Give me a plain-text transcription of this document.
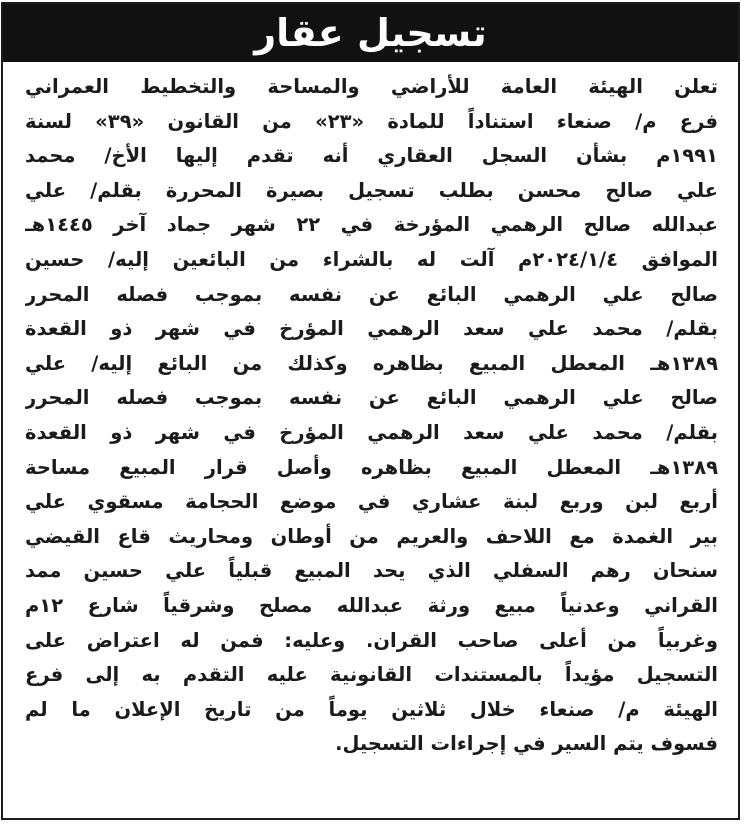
تسجيل عقار
تعلن الهيئة العامة للأراضي والمساحة والتخطيط العمراني
فرع م/ صنعاء استناداً للمادة «٢٣» من القانون «٣٩» لسنة
١٩٩١م بشأن السجل العقاري أنه تقدم إليها الأخ/ محمد
علي صالح محسن بطلب تسجيل بصيرة المحررة بقلم/ علي
عبدالله صالح الرهمي المؤرخة في ٢٢ شهر جماد آخر ١٤٤٥هـ
الموافق ٢٠٢٤/١/٤م آلت له بالشراء من البائعين إليه/ حسين
صالح علي الرهمي البائع عن نفسه بموجب فصله المحرر
بقلم/ محمد علي سعد الرهمي المؤرخ في شهر ذو القعدة
١٣٨٩هـ المعطل المبيع بظاهره وكذلك من البائع إليه/ علي
صالح علي الرهمي البائع عن نفسه بموجب فصله المحرر
بقلم/ محمد علي سعد الرهمي المؤرخ في شهر ذو القعدة
١٣٨٩هـ المعطل المبيع بظاهره وأصل قرار المبيع مساحة
أربع لبن وربع لبنة عشاري في موضع الحجامة مسقوي علي
بير الغمدة مع اللاحف والعريم من أوطان ومحاريث قاع القيضي
سنحان رهم السفلي الذي يحد المبيع قبلياً علي حسين ممد
القراني وعدنياً مبيع ورثة عبدالله مصلح وشرقياً شارع ١٢م
وغربياً من أعلى صاحب القران. وعليه: فمن له اعتراض على
التسجيل مؤيداً بالمستندات القانونية عليه التقدم به إلى فرع
الهيئة م/ صنعاء خلال ثلاثين يوماً من تاريخ الإعلان ما لم
فسوف يتم السير في إجراءات التسجيل.
